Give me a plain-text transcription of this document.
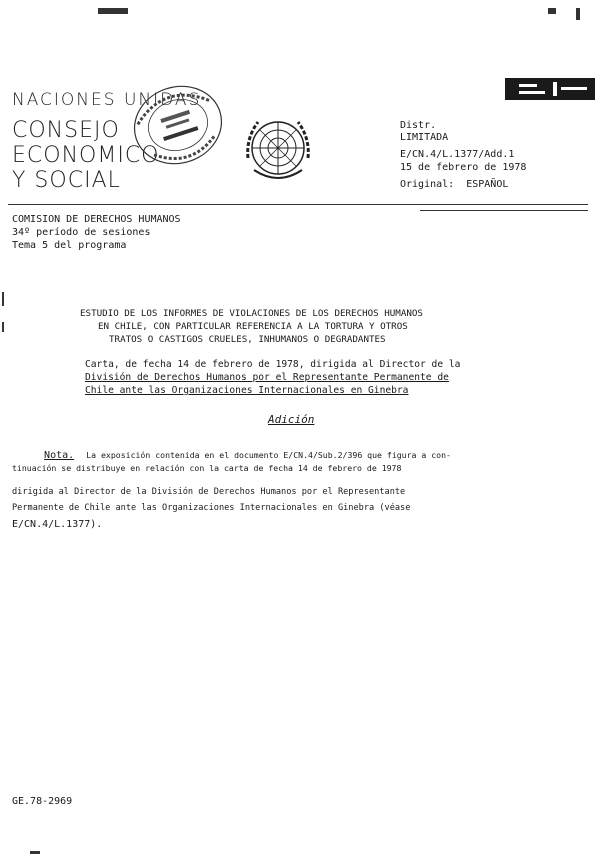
NACIONES UNIDAS
CONSEJO
ECONOMICO
Y SOCIAL
Distr.
LIMITADA
E/CN.4/L.1377/Add.1
15 de febrero de 1978
Original:  ESPAÑOL
COMISION DE DERECHOS HUMANOS
34º período de sesiones
Tema 5 del programa
ESTUDIO DE LOS INFORMES DE VIOLACIONES DE LOS DERECHOS HUMANOS
EN CHILE, CON PARTICULAR REFERENCIA A LA TORTURA Y OTROS
TRATOS O CASTIGOS CRUELES, INHUMANOS O DEGRADANTES
Carta, de fecha 14 de febrero de 1978, dirigida al Director de la
División de Derechos Humanos por el Representante Permanente de
Chile ante las Organizaciones Internacionales en Ginebra
Adición

Nota. La exposición contenida en el documento E/CN.4/Sub.2/396 que figura a con-

tinuación se distribuye en relación con la carta de fecha 14 de febrero de 1978
dirigida al Director de la División de Derechos Humanos por el Representante
Permanente de Chile ante las Organizaciones Internacionales en Ginebra (véase
E/CN.4/L.1377).
GE.78-2969
